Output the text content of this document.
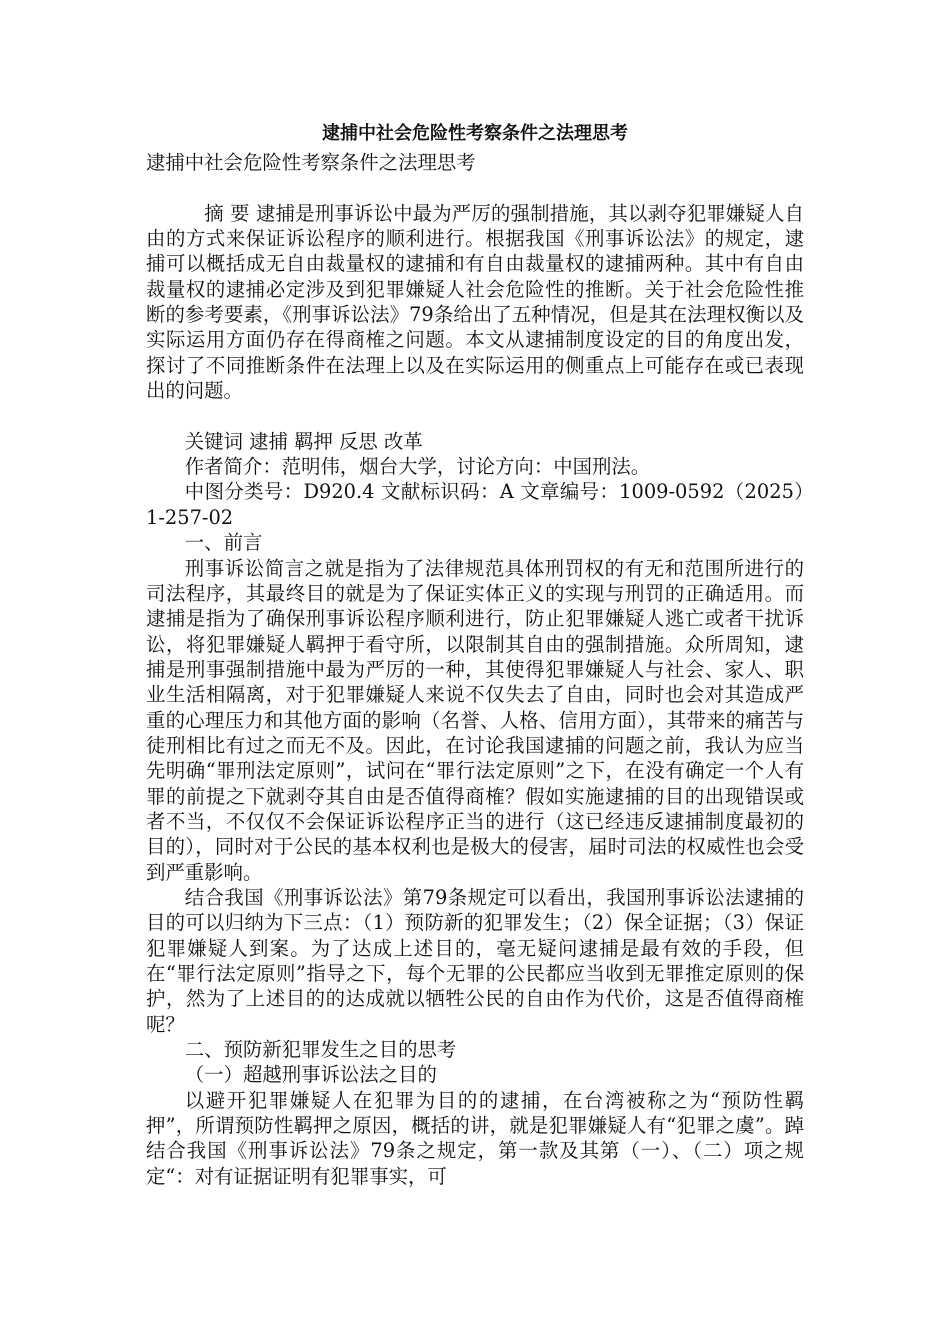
逮捕中社会危险性考察条件之法理思考

逮捕中社会危险性考察条件之法理思考

摘 要 逮捕是刑事诉讼中最为严厉的强制措施，其以剥夺犯罪嫌疑人自由的方式来保证诉讼程序的顺利进行。根据我国《刑事诉讼法》的规定，逮捕可以概括成无自由裁量权的逮捕和有自由裁量权的逮捕两种。其中有自由裁量权的逮捕必定涉及到犯罪嫌疑人社会危险性的推断。关于社会危险性推断的参考要素，《刑事诉讼法》79条给出了五种情况，但是其在法理权衡以及实际运用方面仍存在得商榷之问题。本文从逮捕制度设定的目的角度出发，探讨了不同推断条件在法理上以及在实际运用的侧重点上可能存在或已表现出的问题。

关键词 逮捕 羁押 反思 改革

作者简介：范明伟，烟台大学，讨论方向：中国刑法。

中图分类号：D920.4 文献标识码：A 文章编号：1009-0592（2025）1-257-02

一、前言

刑事诉讼简言之就是指为了法律规范具体刑罚权的有无和范围所进行的司法程序，其最终目的就是为了保证实体正义的实现与刑罚的正确适用。而逮捕是指为了确保刑事诉讼程序顺利进行，防止犯罪嫌疑人逃亡或者干扰诉讼，将犯罪嫌疑人羁押于看守所，以限制其自由的强制措施。众所周知，逮捕是刑事强制措施中最为严厉的一种，其使得犯罪嫌疑人与社会、家人、职业生活相隔离，对于犯罪嫌疑人来说不仅失去了自由，同时也会对其造成严重的心理压力和其他方面的影响（名誉、人格、信用方面），其带来的痛苦与徒刑相比有过之而无不及。因此，在讨论我国逮捕的问题之前，我认为应当先明确“罪刑法定原则”，试问在“罪行法定原则”之下，在没有确定一个人有罪的前提之下就剥夺其自由是否值得商榷？假如实施逮捕的目的出现错误或者不当，不仅仅不会保证诉讼程序正当的进行（这已经违反逮捕制度最初的目的），同时对于公民的基本权利也是极大的侵害，届时司法的权威性也会受到严重影响。

结合我国《刑事诉讼法》第79条规定可以看出，我国刑事诉讼法逮捕的目的可以归纳为下三点：（1）预防新的犯罪发生；（2）保全证据；（3）保证犯罪嫌疑人到案。为了达成上述目的，毫无疑问逮捕是最有效的手段，但在“罪行法定原则”指导之下，每个无罪的公民都应当收到无罪推定原则的保护，然为了上述目的的达成就以牺牲公民的自由作为代价，这是否值得商榷呢？

二、预防新犯罪发生之目的思考

（一）超越刑事诉讼法之目的

以避开犯罪嫌疑人在犯罪为目的的逮捕，在台湾被称之为“预防性羁押”，所谓预防性羁押之原因，概括的讲，就是犯罪嫌疑人有“犯罪之虞”。踔结合我国《刑事诉讼法》79条之规定，第一款及其第（一）、（二）项之规定“：对有证据证明有犯罪事实，可
